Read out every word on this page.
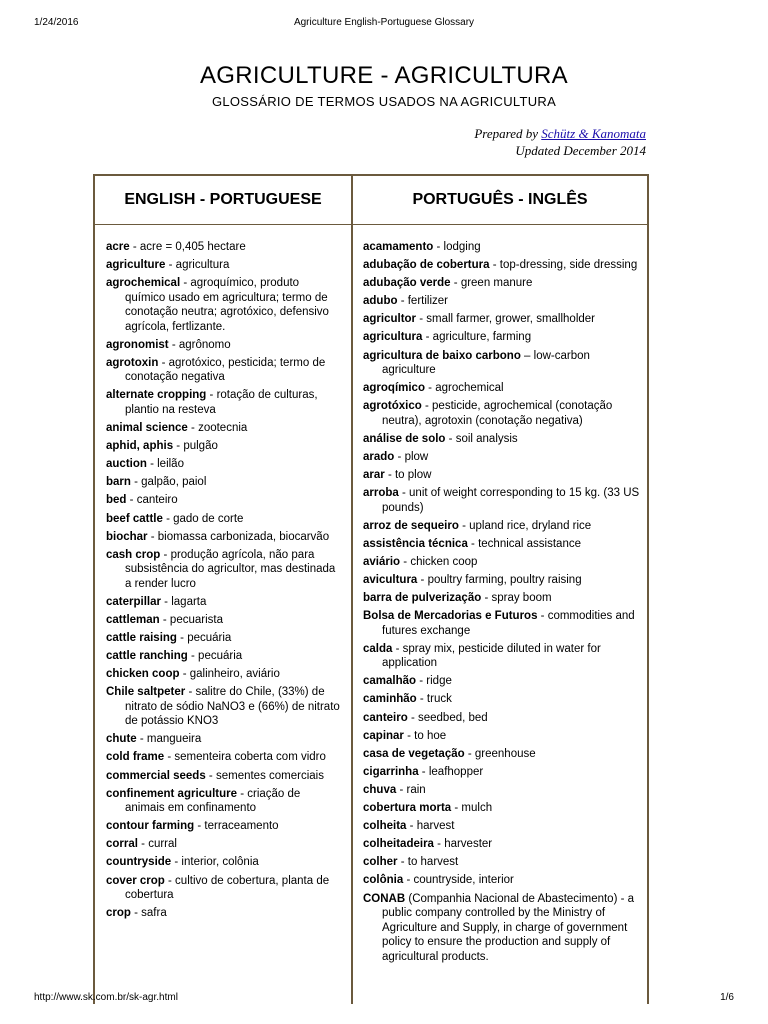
1/24/2016	Agriculture English-Portuguese Glossary
AGRICULTURE - AGRICULTURA
GLOSSÁRIO DE TERMOS USADOS NA AGRICULTURA
Prepared by Schütz & Kanomata
Updated December 2014
ENGLISH - PORTUGUESE	PORTUGUÊS - INGLÊS
acre - acre = 0,405 hectare
agriculture - agricultura
agrochemical - agroquímico, produto químico usado em agricultura; termo de conotação neutra; agrotóxico, defensivo agrícola, fertlizante.
agronomist - agrônomo
agrotoxin - agrotóxico, pesticida; termo de conotação negativa
alternate cropping - rotação de culturas, plantio na resteva
animal science - zootecnia
aphid, aphis - pulgão
auction - leilão
barn - galpão, paiol
bed - canteiro
beef cattle - gado de corte
biochar - biomassa carbonizada, biocarvão
cash crop - produção agrícola, não para subsistência do agricultor, mas destinada a render lucro
caterpillar - lagarta
cattleman - pecuarista
cattle raising - pecuária
cattle ranching - pecuária
chicken coop - galinheiro, aviário
Chile saltpeter - salitre do Chile, (33%) de nitrato de sódio NaNO3 e (66%) de nitrato de potássio KNO3
chute - mangueira
cold frame - sementeira coberta com vidro
commercial seeds - sementes comerciais
confinement agriculture - criação de animais em confinamento
contour farming - terraceamento
corral - curral
countryside - interior, colônia
cover crop - cultivo de cobertura, planta de cobertura
crop - safra
acamamento - lodging
adubação de cobertura - top-dressing, side dressing
adubação verde - green manure
adubo - fertilizer
agricultor - small farmer, grower, smallholder
agricultura - agriculture, farming
agricultura de baixo carbono – low-carbon agriculture
agroqímico - agrochemical
agrotóxico - pesticide, agrochemical (conotação neutra), agrotoxin (conotação negativa)
análise de solo - soil analysis
arado - plow
arar - to plow
arroba - unit of weight corresponding to 15 kg. (33 US pounds)
arroz de sequeiro - upland rice, dryland rice
assistência técnica - technical assistance
aviário - chicken coop
avicultura - poultry farming, poultry raising
barra de pulverização - spray boom
Bolsa de Mercadorias e Futuros - commodities and futures exchange
calda - spray mix, pesticide diluted in water for application
camalhão - ridge
caminhão - truck
canteiro - seedbed, bed
capinar - to hoe
casa de vegetação - greenhouse
cigarrinha - leafhopper
chuva - rain
cobertura morta - mulch
colheita - harvest
colheitadeira - harvester
colher - to harvest
colônia - countryside, interior
CONAB (Companhia Nacional de Abastecimento) - a public company controlled by the Ministry of Agriculture and Supply, in charge of government policy to ensure the production and supply of agricultural products.
http://www.sk.com.br/sk-agr.html	1/6
